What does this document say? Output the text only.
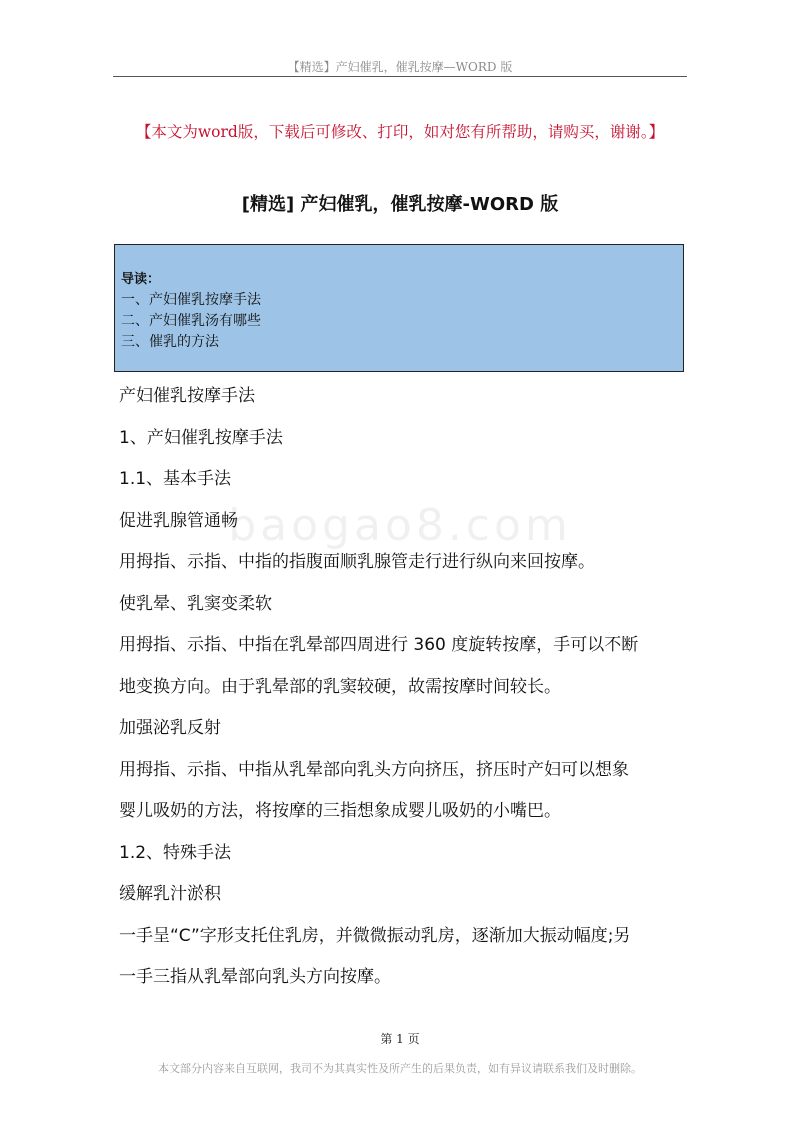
【精选】产妇催乳，催乳按摩—WORD 版
【本文为word版，下载后可修改、打印，如对您有所帮助，请购买，谢谢。】
[精选] 产妇催乳，催乳按摩-WORD 版
导读：
一、产妇催乳按摩手法
二、产妇催乳汤有哪些
三、催乳的方法
baogao8.com

产妇催乳按摩手法

1、产妇催乳按摩手法

1.1、基本手法

促进乳腺管通畅

用拇指、示指、中指的指腹面顺乳腺管走行进行纵向来回按摩。

使乳晕、乳窦变柔软

用拇指、示指、中指在乳晕部四周进行 360 度旋转按摩，手可以不断

地变换方向。由于乳晕部的乳窦较硬，故需按摩时间较长。

加强泌乳反射

用拇指、示指、中指从乳晕部向乳头方向挤压，挤压时产妇可以想象

婴儿吸奶的方法，将按摩的三指想象成婴儿吸奶的小嘴巴。

1.2、特殊手法

缓解乳汁淤积

一手呈“C”字形支托住乳房，并微微振动乳房，逐渐加大振动幅度;另

一手三指从乳晕部向乳头方向按摩。

第 1 页
本文部分内容来自互联网，我司不为其真实性及所产生的后果负责，如有异议请联系我们及时删除。
